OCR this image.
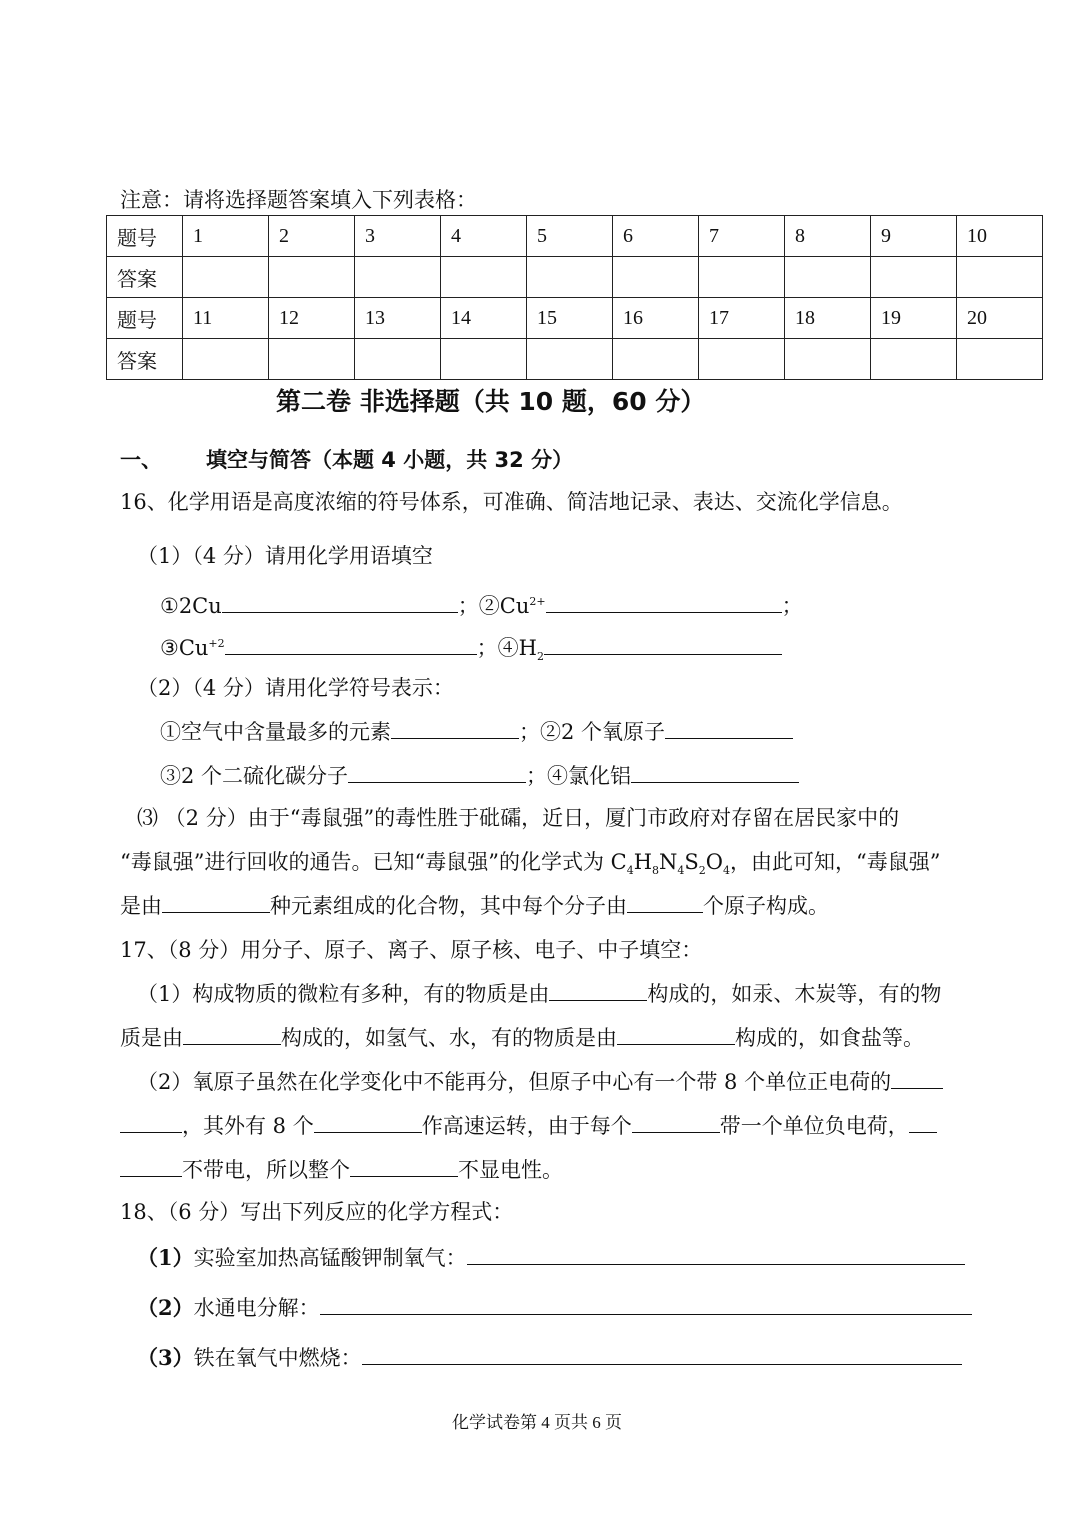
注意：请将选择题答案填入下列表格：
题号	1	2	3	4	5	6	7	8	9	10
答案										
题号	11	12	13	14	15	16	17	18	19	20
答案										
第二卷 非选择题（共 10 题，60 分）
一、 填空与简答（本题 4 小题，共 32 分）
16、化学用语是高度浓缩的符号体系，可准确、简洁地记录、表达、交流化学信息。
（1）（4 分）请用化学用语填空
①2Cu	；$②Cu^{2+}$	；
$③Cu^{+2}$	；$④H_2$
（2）（4 分）请用化学符号表示：
①空气中含量最多的元素	；②2 个氧原子
③2 个二硫化碳分子	；④氯化铝
⑶ （2 分）由于“毒鼠强”的毒性胜于砒礵，近日，厦门市政府对存留在居民家中的
“毒鼠强”进行回收的通告。已知“毒鼠强”的化学式为 $C_4H_8N_4S_2O_4$，由此可知，“毒鼠强”
是由	种元素组成的化合物，其中每个分子由	个原子构成。
17、（8 分）用分子、原子、离子、原子核、电子、中子填空：
（1）构成物质的微粒有多种，有的物质是由	构成的，如汞、木炭等，有的物
质是由	构成的，如氢气、水，有的物质是由	构成的，如食盐等。
（2）氧原子虽然在化学变化中不能再分，但原子中心有一个带 8 个单位正电荷的
，其外有 8 个	作高速运转，由于每个	带一个单位负电荷，
不带电，所以整个	不显电性。
18、（6 分）写出下列反应的化学方程式：
（1）实验室加热高锰酸钾制氧气：
（2）水通电分解：
（3）铁在氧气中燃烧：
化学试卷第 4 页共 6 页
